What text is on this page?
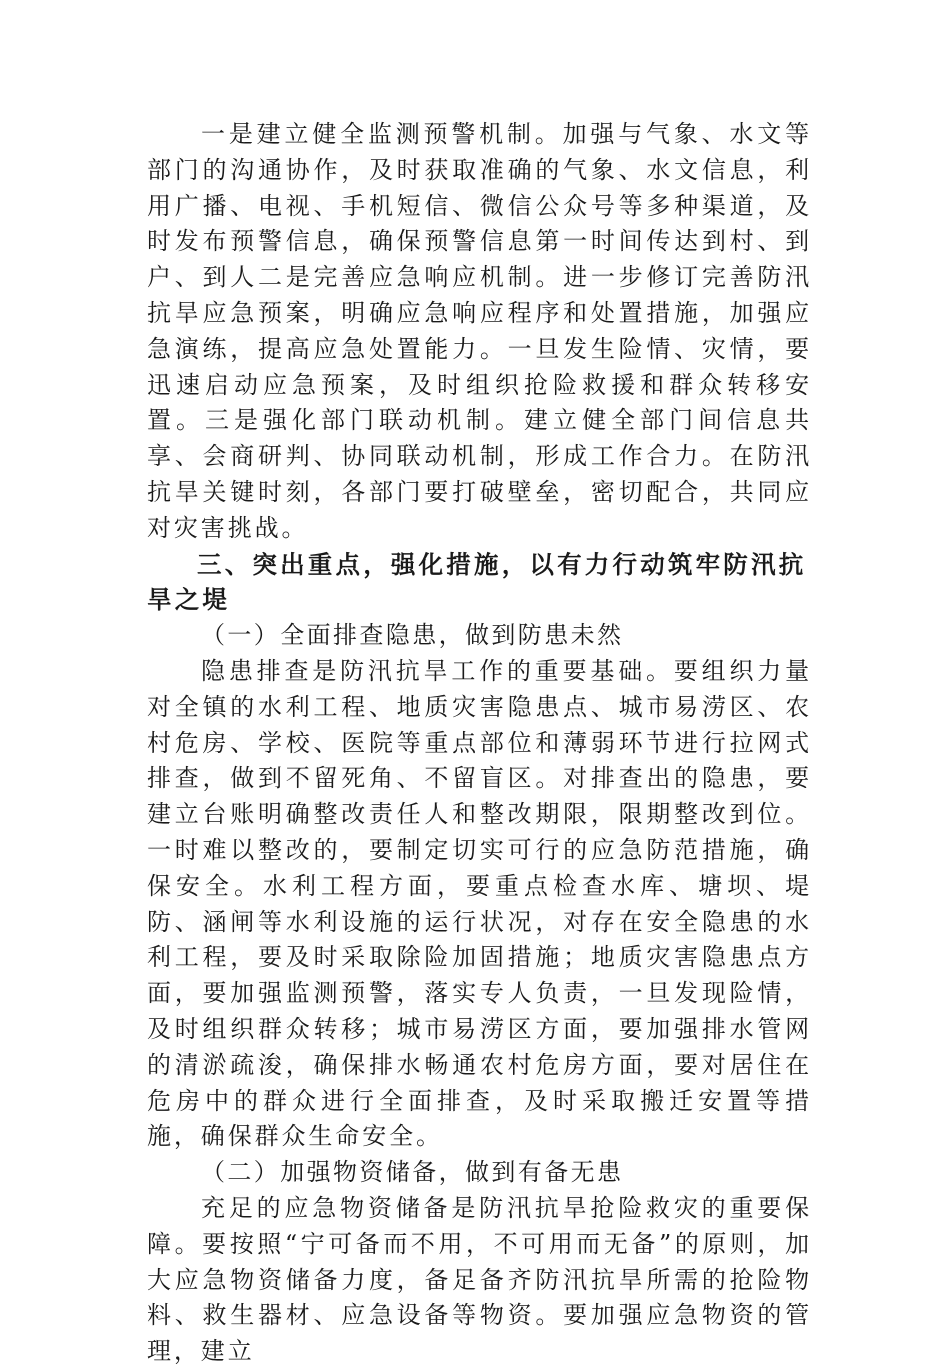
一是建立健全监测预警机制。加强与气象、水文等部门的沟通协作，及时获取准确的气象、水文信息，利用广播、电视、手机短信、微信公众号等多种渠道，及时发布预警信息，确保预警信息第一时间传达到村、到户、到人二是完善应急响应机制。进一步修订完善防汛抗旱应急预案，明确应急响应程序和处置措施，加强应急演练，提高应急处置能力。一旦发生险情、灾情，要迅速启动应急预案，及时组织抢险救援和群众转移安置。三是强化部门联动机制。建立健全部门间信息共享、会商研判、协同联动机制，形成工作合力。在防汛抗旱关键时刻，各部门要打破壁垒，密切配合，共同应对灾害挑战。

三、突出重点，强化措施，以有力行动筑牢防汛抗旱之堤

（一）全面排查隐患，做到防患未然

隐患排查是防汛抗旱工作的重要基础。要组织力量对全镇的水利工程、地质灾害隐患点、城市易涝区、农村危房、学校、医院等重点部位和薄弱环节进行拉网式排查，做到不留死角、不留盲区。对排查出的隐患，要建立台账明确整改责任人和整改期限，限期整改到位。一时难以整改的，要制定切实可行的应急防范措施，确保安全。水利工程方面，要重点检查水库、塘坝、堤防、涵闸等水利设施的运行状况，对存在安全隐患的水利工程，要及时采取除险加固措施；地质灾害隐患点方面，要加强监测预警，落实专人负责，一旦发现险情，及时组织群众转移；城市易涝区方面，要加强排水管网的清淤疏浚，确保排水畅通农村危房方面，要对居住在危房中的群众进行全面排查，及时采取搬迁安置等措施，确保群众生命安全。

（二）加强物资储备，做到有备无患

充足的应急物资储备是防汛抗旱抢险救灾的重要保障。要按照“宁可备而不用，不可用而无备”的原则，加大应急物资储备力度，备足备齐防汛抗旱所需的抢险物料、救生器材、应急设备等物资。要加强应急物资的管理，建立
